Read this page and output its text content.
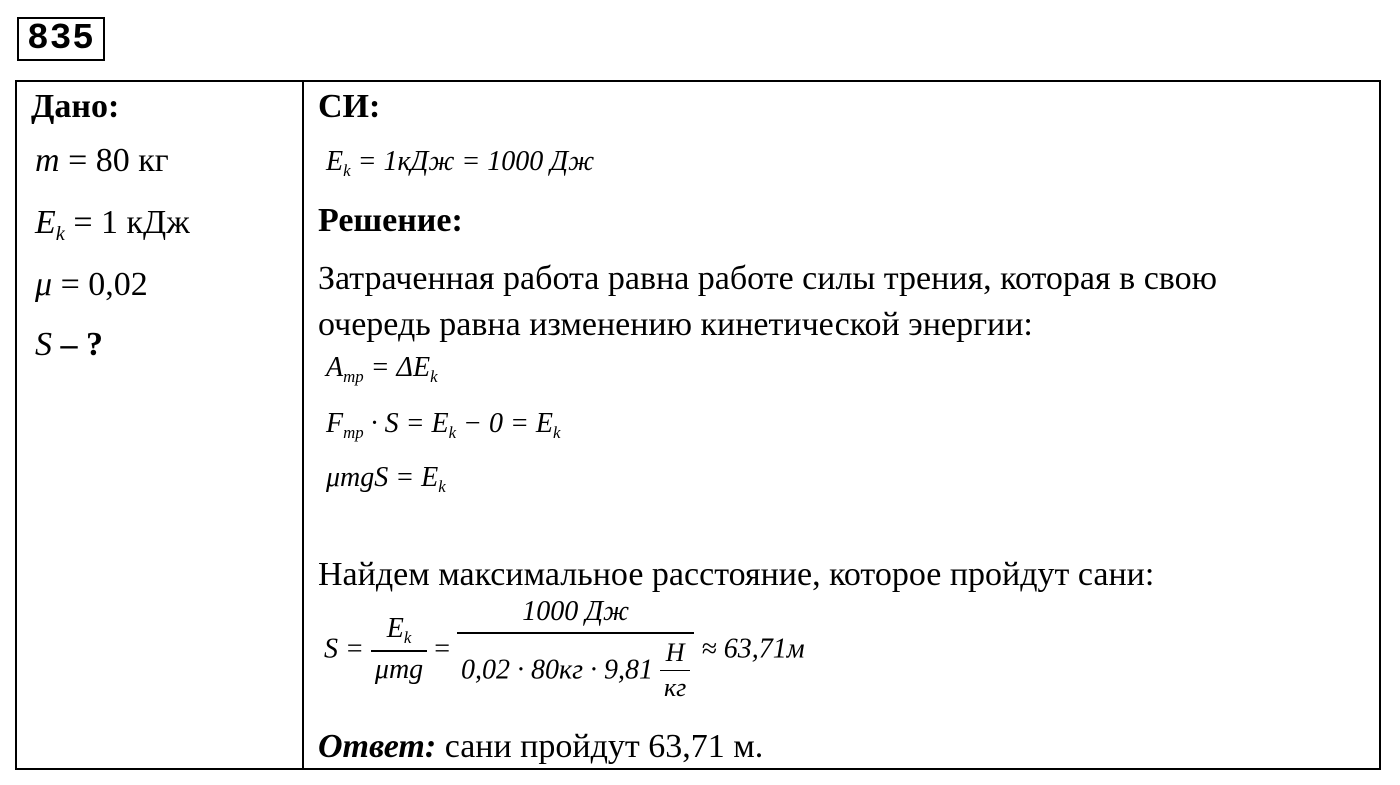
835
Дано:
m = 80 кг
$E_k = 1$ кДж
μ = 0,02
S – ?
СИ:
$E_k = 1кДж = 1000$ Дж
Решение:
Затраченная работа равна работе силы трения, которая в свою
очередь равна изменению кинетической энергии:
$A_{тр} = \Delta E_k$
$F_{тр} \cdot S = E_k - 0 = E_k$
$\mu mgS = E_k$
Найдем максимальное расстояние, которое пройдут сани:
$S = \frac{E_k}{\text{μmg}} = \frac{1000 Дж}{0,02 \cdot 80кг \cdot 9,81 \frac{Н}{кг}} \approx 63,71м$
Ответ: сани пройдут 63,71 м.
